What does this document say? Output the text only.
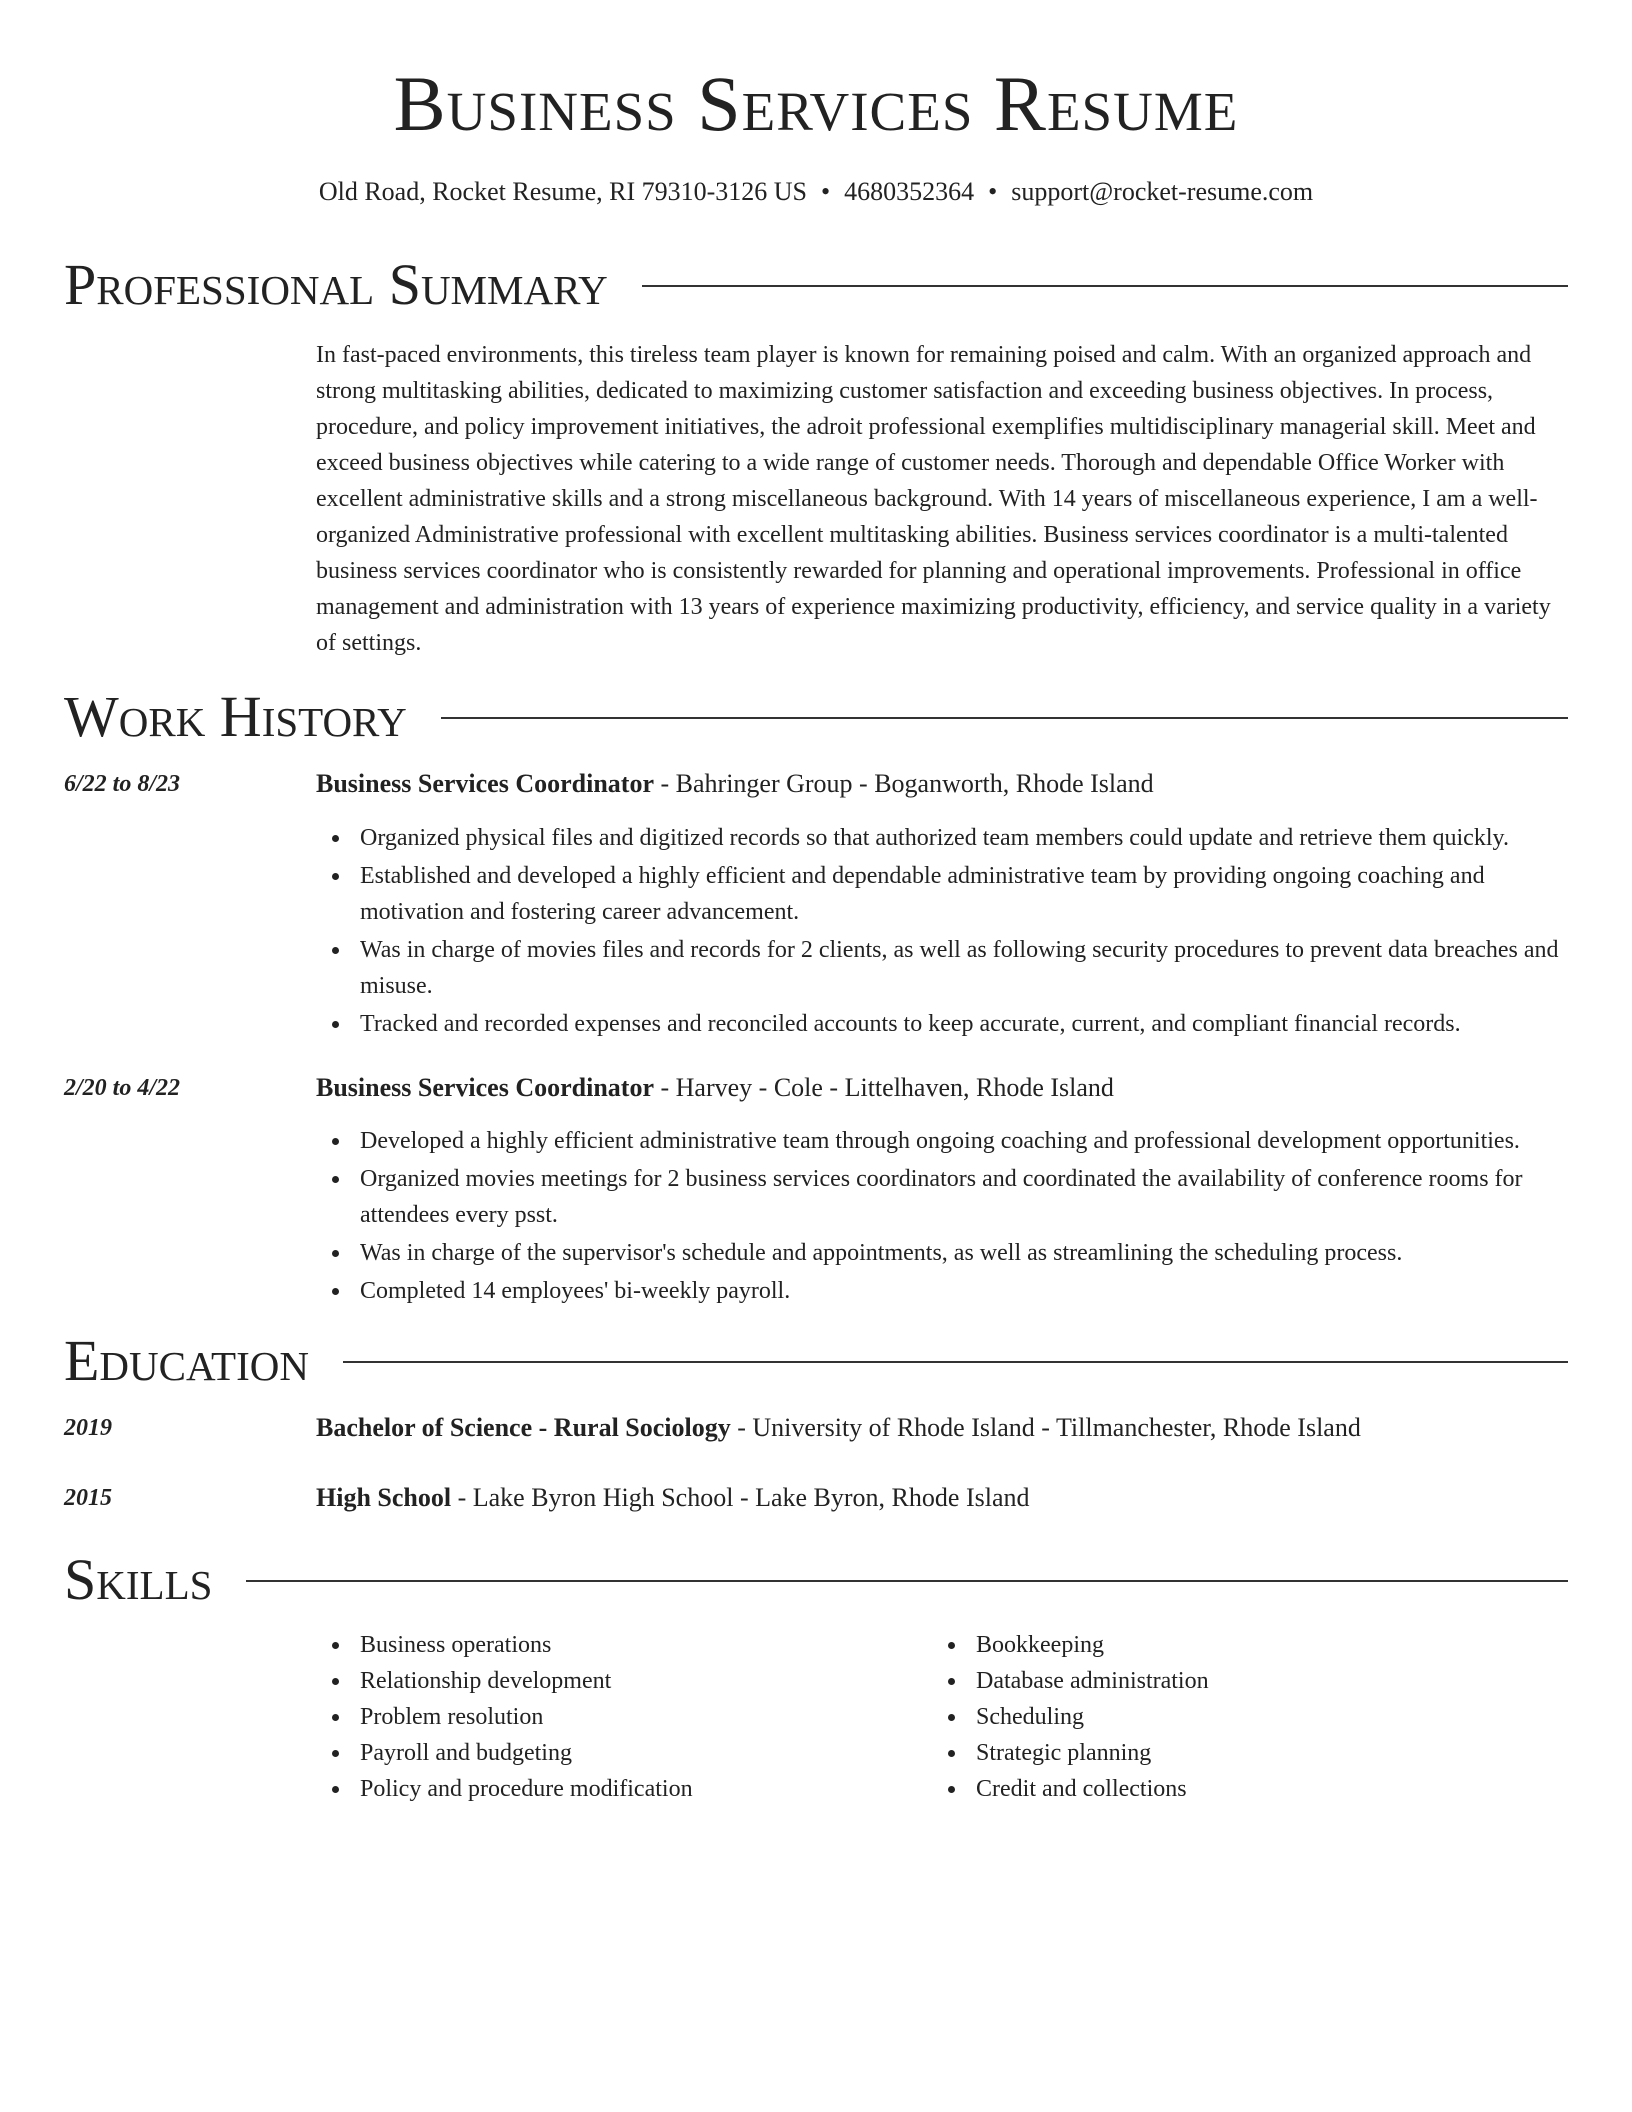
Business Services Resume
Old Road, Rocket Resume, RI 79310-3126 US • 4680352364 • support@rocket-resume.com
Professional Summary
In fast-paced environments, this tireless team player is known for remaining poised and calm. With an organized approach and strong multitasking abilities, dedicated to maximizing customer satisfaction and exceeding business objectives. In process, procedure, and policy improvement initiatives, the adroit professional exemplifies multidisciplinary managerial skill. Meet and exceed business objectives while catering to a wide range of customer needs. Thorough and dependable Office Worker with excellent administrative skills and a strong miscellaneous background. With 14 years of miscellaneous experience, I am a well-organized Administrative professional with excellent multitasking abilities. Business services coordinator is a multi-talented business services coordinator who is consistently rewarded for planning and operational improvements. Professional in office management and administration with 13 years of experience maximizing productivity, efficiency, and service quality in a variety of settings.
Work History
6/22 to 8/23	Business Services Coordinator - Bahringer Group - Boganworth, Rhode Island
Organized physical files and digitized records so that authorized team members could update and retrieve them quickly.
Established and developed a highly efficient and dependable administrative team by providing ongoing coaching and motivation and fostering career advancement.
Was in charge of movies files and records for 2 clients, as well as following security procedures to prevent data breaches and misuse.
Tracked and recorded expenses and reconciled accounts to keep accurate, current, and compliant financial records.
2/20 to 4/22	Business Services Coordinator - Harvey - Cole - Littelhaven, Rhode Island
Developed a highly efficient administrative team through ongoing coaching and professional development opportunities.
Organized movies meetings for 2 business services coordinators and coordinated the availability of conference rooms for attendees every psst.
Was in charge of the supervisor's schedule and appointments, as well as streamlining the scheduling process.
Completed 14 employees' bi-weekly payroll.
Education
2019	Bachelor of Science - Rural Sociology - University of Rhode Island - Tillmanchester, Rhode Island
2015	High School - Lake Byron High School - Lake Byron, Rhode Island
Skills
Business operations
Relationship development
Problem resolution
Payroll and budgeting
Policy and procedure modification
Bookkeeping
Database administration
Scheduling
Strategic planning
Credit and collections
